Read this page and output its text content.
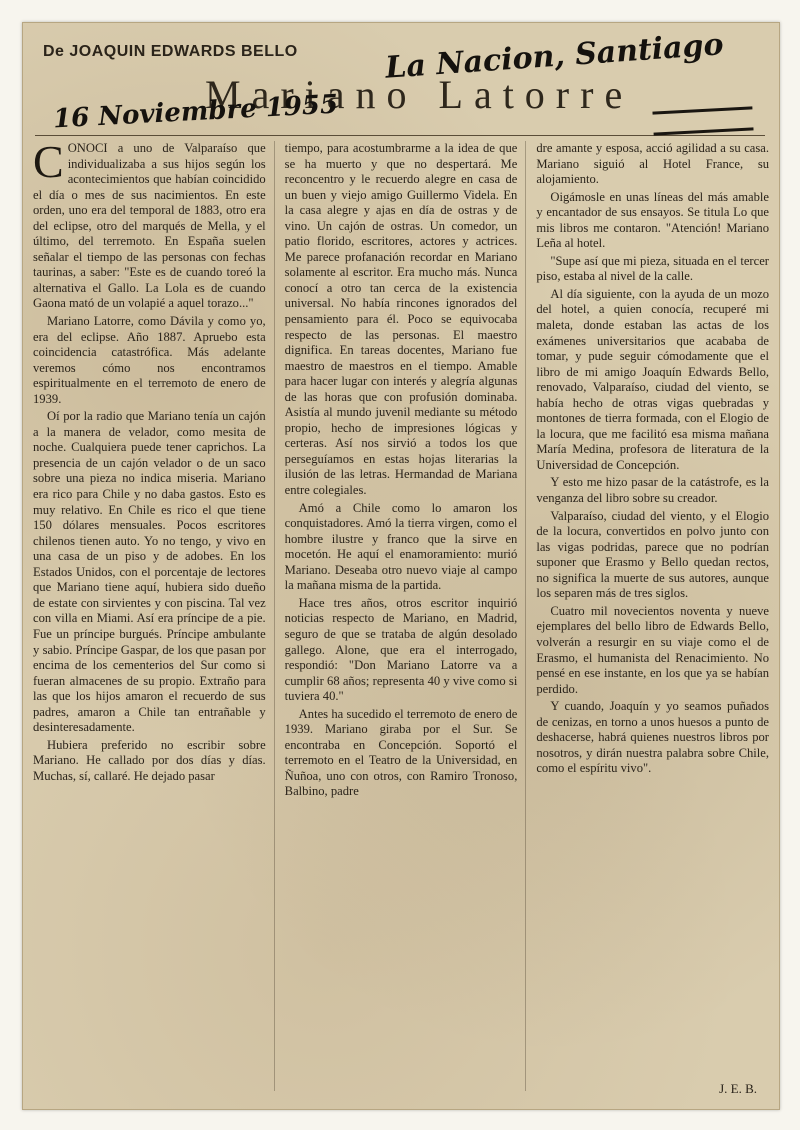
De JOAQUIN EDWARDS BELLO	La Nacion, Santiago
Mariano Latorre
16 Noviembre 1955

CONOCI a uno de Valparaíso que individualizaba a sus hijos según los acontecimientos que habían coincidido el día o mes de sus nacimientos. En este orden, uno era del temporal de 1883, otro era del eclipse, otro del marqués de Mella, y el último, del terremoto. En España suelen señalar el tiempo de las personas con fechas taurinas, a saber: "Este es de cuando toreó la alternativa el Gallo. La Lola es de cuando Gaona mató de un volapié a aquel torazo..."

Mariano Latorre, como Dávila y como yo, era del eclipse. Año 1887. Apruebo esta coincidencia catastrófica. Más adelante veremos cómo nos encontramos espiritualmente en el terremoto de enero de 1939.

Oí por la radio que Mariano tenía un cajón a la manera de velador, como mesita de noche. Cualquiera puede tener caprichos. La presencia de un cajón velador o de un saco sobre una pieza no indica miseria. Mariano era rico para Chile y no daba gastos. Esto es muy relativo. En Chile es rico el que tiene 150 dólares mensuales. Pocos escritores chilenos tienen auto. Yo no tengo, y vivo en una casa de un piso y de adobes. En los Estados Unidos, con el porcentaje de lectores que Mariano tiene aquí, hubiera sido dueño de estate con sirvientes y con piscina. Tal vez con villa en Miami. Así era príncipe de a pie. Fue un príncipe burgués. Príncipe ambulante y sabio. Príncipe Gaspar, de los que pasan por encima de los cementerios del Sur como si fueran almacenes de su propio. Extraño para las que los hijos amaron el recuerdo de sus padres, amaron a Chile tan entrañable y desinteresadamente.

Hubiera preferido no escribir sobre Mariano. He callado por dos días y días. Muchas, sí, callaré. He dejado pasar

tiempo, para acostumbrarme a la idea de que se ha muerto y que no despertará. Me reconcentro y le recuerdo alegre en casa de un buen y viejo amigo Guillermo Videla. En la casa alegre y ajas en día de ostras y de vino. Un cajón de ostras. Un comedor, un patio florido, escritores, actores y actrices. Me parece profanación recordar en Mariano solamente al escritor. Era mucho más. Nunca conocí a otro tan cerca de la existencia universal. No había rincones ignorados del pensamiento para él. Poco se equivocaba respecto de las personas. El maestro dignifica. En tareas docentes, Mariano fue maestro de maestros en el tiempo. Amable para hacer lugar con interés y alegría algunas de las horas que con profusión dominaba. Asistía al mundo juvenil mediante su método propio, hecho de impresiones lógicas y certeras. Así nos sirvió a todos los que perseguíamos en estas hojas literarias la ilusión de las letras. Hermandad de Mariana entre colegiales.

Amó a Chile como lo amaron los conquistadores. Amó la tierra virgen, como el hombre ilustre y franco que la sirve en mocetón. He aquí el enamoramiento: murió Mariano. Deseaba otro nuevo viaje al campo la mañana misma de la partida.

Hace tres años, otros escritor inquirió noticias respecto de Mariano, en Madrid, seguro de que se trataba de algún desolado gallego. Alone, que era el interrogado, respondió: "Don Mariano Latorre va a cumplir 68 años; representa 40 y vive como si tuviera 40."

Antes ha sucedido el terremoto de enero de 1939. Mariano giraba por el Sur. Se encontraba en Concepción. Soportó el terremoto en el Teatro de la Universidad, en Ñuñoa, uno con otros, con Ramiro Tronoso, Balbino, padre

dre amante y esposa, acció agilidad a su casa. Mariano siguió al Hotel France, su alojamiento.

Oigámosle en unas líneas del más amable y encantador de sus ensayos. Se titula Lo que mis libros me contaron. "Atención! Mariano Leña al hotel.

"Supe así que mi pieza, situada en el tercer piso, estaba al nivel de la calle.

Al día siguiente, con la ayuda de un mozo del hotel, a quien conocía, recuperé mi maleta, donde estaban las actas de los exámenes universitarios que acababa de tomar, y pude seguir cómodamente que el libro de mi amigo Joaquín Edwards Bello, renovado, Valparaíso, ciudad del viento, se había hecho de otras vigas quebradas y montones de tierra formada, con el Elogio de la locura, que me facilitó esa misma mañana María Medina, profesora de literatura de la Universidad de Concepción.

Y esto me hizo pasar de la catástrofe, es la venganza del libro sobre su creador.

Valparaíso, ciudad del viento, y el Elogio de la locura, convertidos en polvo junto con las vigas podridas, parece que no podrían suponer que Erasmo y Bello quedan rectos, no significa la muerte de sus autores, aunque los separen más de tres siglos.

Cuatro mil novecientos noventa y nueve ejemplares del bello libro de Edwards Bello, volverán a resurgir en su viaje como el de Erasmo, el humanista del Renacimiento. No pensé en ese instante, en los que ya se habían perdido.

Y cuando, Joaquín y yo seamos puñados de cenizas, en torno a unos huesos a punto de deshacerse, habrá quienes nuestros libros por nosotros, y dirán nuestra palabra sobre Chile, como el espíritu vivo".

J. E. B.
